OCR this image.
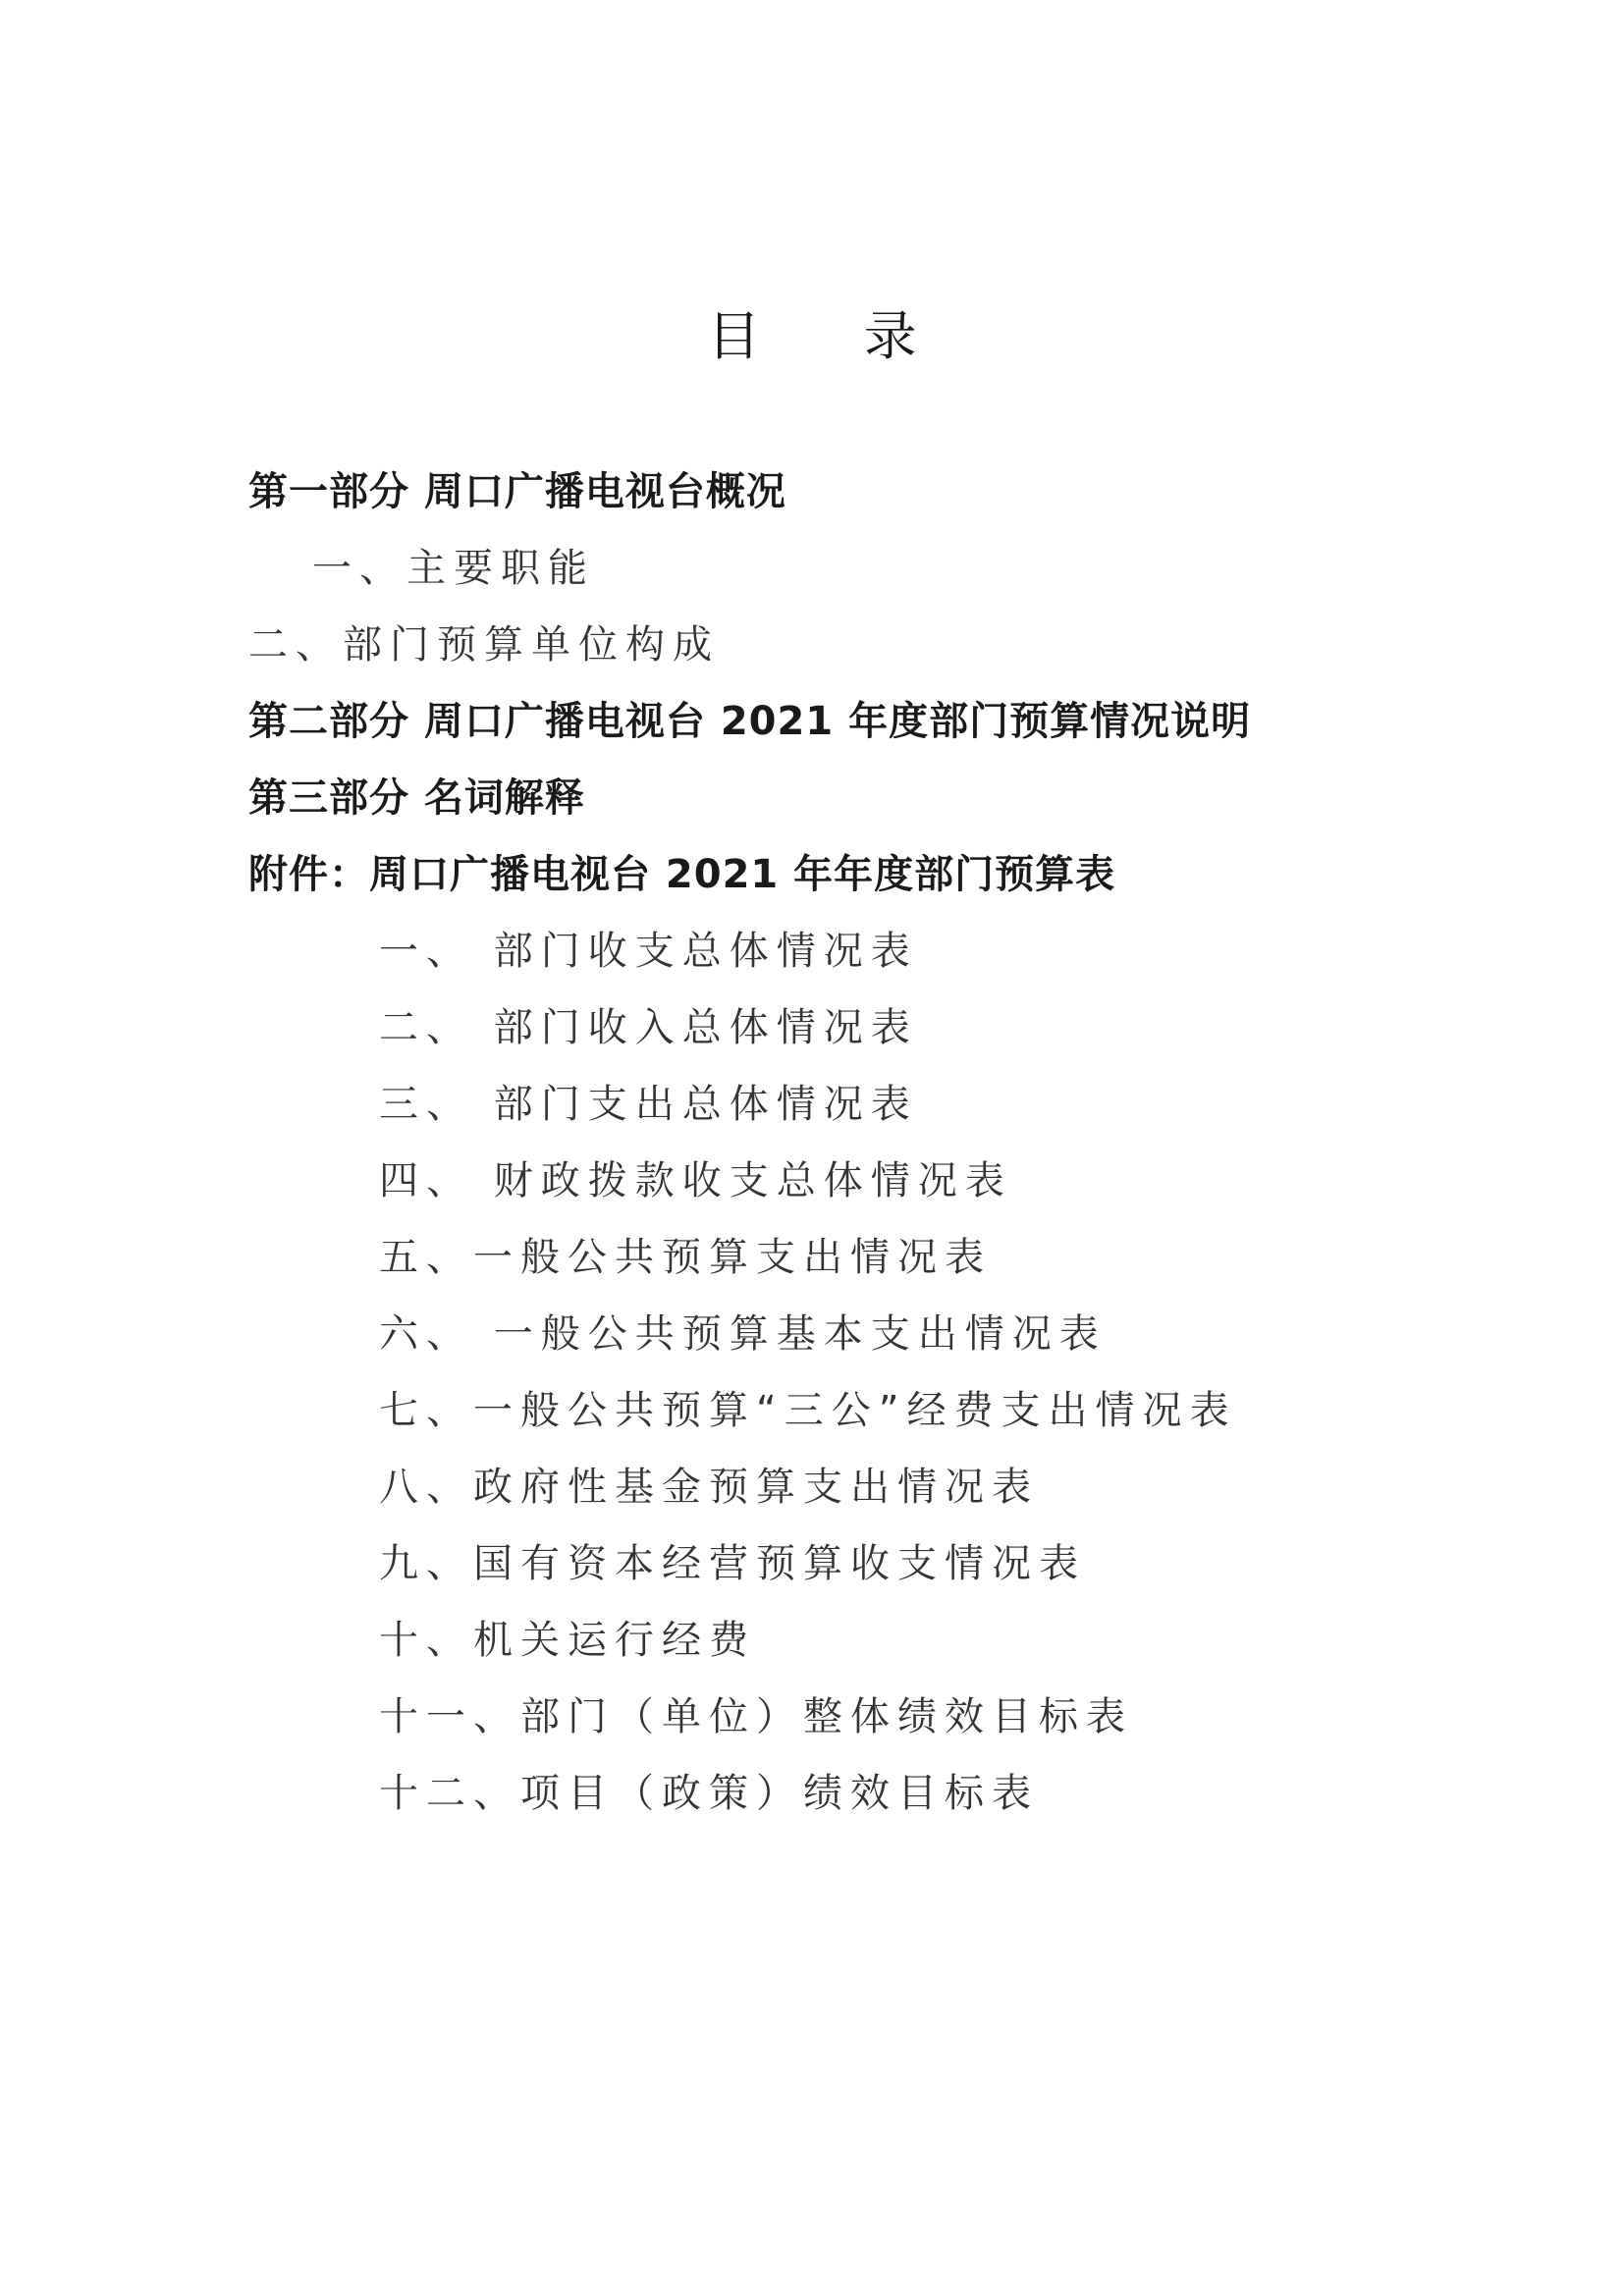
目 录
第一部分 周口广播电视台概况
一、主要职能
二、部门预算单位构成
第二部分 周口广播电视台 2021 年度部门预算情况说明
第三部分 名词解释
附件：周口广播电视台 2021 年年度部门预算表
一、 部门收支总体情况表
二、 部门收入总体情况表
三、 部门支出总体情况表
四、 财政拨款收支总体情况表
五、一般公共预算支出情况表
六、 一般公共预算基本支出情况表
七、一般公共预算“三公”经费支出情况表
八、政府性基金预算支出情况表
九、国有资本经营预算收支情况表
十、机关运行经费
十一、部门（单位）整体绩效目标表
十二、项目（政策）绩效目标表
